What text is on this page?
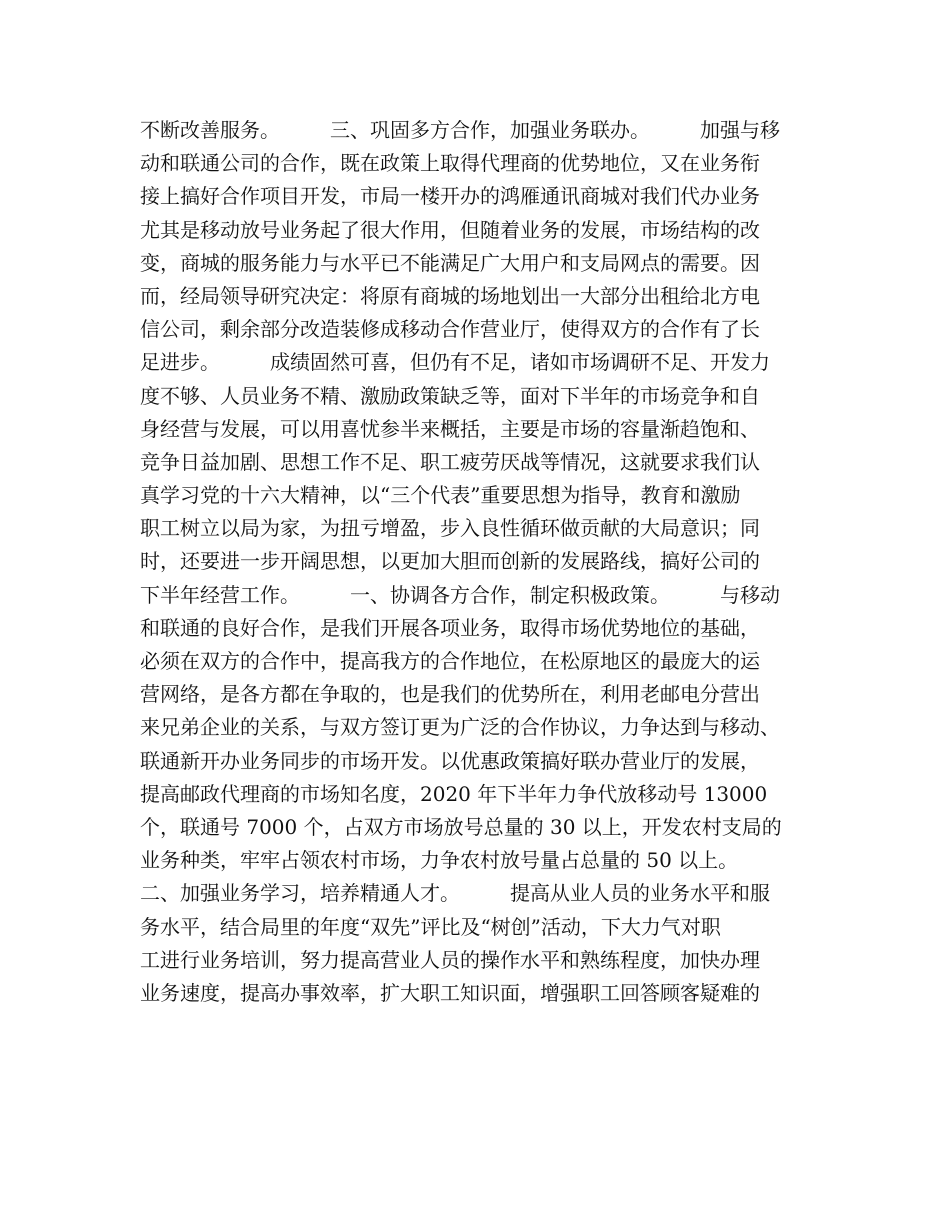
不断改善服务。　　　三、巩固多方合作，加强业务联办。　　　加强与移
动和联通公司的合作，既在政策上取得代理商的优势地位，又在业务衔
接上搞好合作项目开发，市局一楼开办的鸿雁通讯商城对我们代办业务
尤其是移动放号业务起了很大作用，但随着业务的发展，市场结构的改
变，商城的服务能力与水平已不能满足广大用户和支局网点的需要。因
而，经局领导研究决定：将原有商城的场地划出一大部分出租给北方电
信公司，剩余部分改造装修成移动合作营业厅，使得双方的合作有了长
足进步。　　　成绩固然可喜，但仍有不足，诸如市场调研不足、开发力
度不够、人员业务不精、激励政策缺乏等，面对下半年的市场竞争和自
身经营与发展，可以用喜忧参半来概括，主要是市场的容量渐趋饱和、
竞争日益加剧、思想工作不足、职工疲劳厌战等情况，这就要求我们认
真学习党的十六大精神，以“三个代表”重要思想为指导，教育和激励
职工树立以局为家，为扭亏增盈，步入良性循环做贡献的大局意识；同
时，还要进一步开阔思想，以更加大胆而创新的发展路线，搞好公司的
下半年经营工作。　　　一、协调各方合作，制定积极政策。　　　与移动
和联通的良好合作，是我们开展各项业务，取得市场优势地位的基础，
必须在双方的合作中，提高我方的合作地位，在松原地区的最庞大的运
营网络，是各方都在争取的，也是我们的优势所在，利用老邮电分营出
来兄弟企业的关系，与双方签订更为广泛的合作协议，力争达到与移动、
联通新开办业务同步的市场开发。以优惠政策搞好联办营业厅的发展，
提高邮政代理商的市场知名度，2020 年下半年力争代放移动号 13000
个，联通号 7000 个，占双方市场放号总量的 30 以上，开发农村支局的
业务种类，牢牢占领农村市场，力争农村放号量占总量的 50 以上。
二、加强业务学习，培养精通人才。　　　提高从业人员的业务水平和服
务水平，结合局里的年度“双先”评比及“树创”活动，下大力气对职
工进行业务培训，努力提高营业人员的操作水平和熟练程度，加快办理
业务速度，提高办事效率，扩大职工知识面，增强职工回答顾客疑难的
